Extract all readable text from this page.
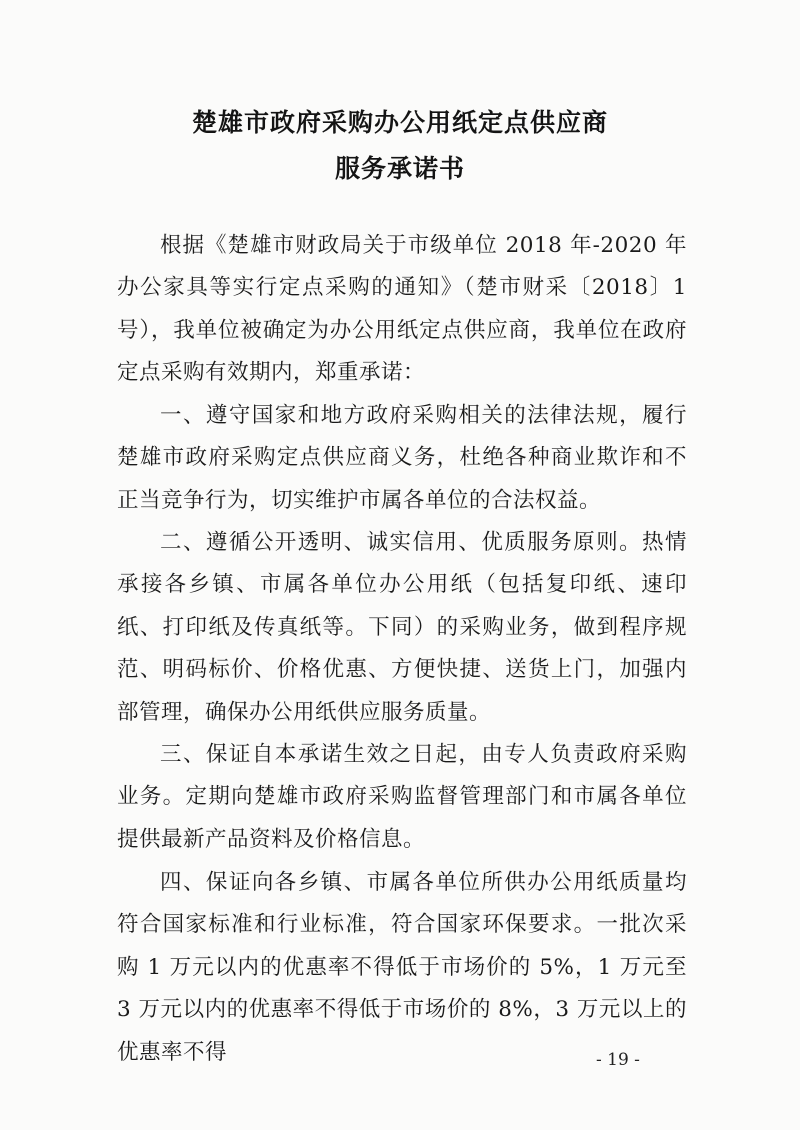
楚雄市政府采购办公用纸定点供应商
服务承诺书

根据《楚雄市财政局关于市级单位 2018 年-2020 年办公家具等实行定点采购的通知》（楚市财采〔2018〕1 号），我单位被确定为办公用纸定点供应商，我单位在政府定点采购有效期内，郑重承诺：

一、遵守国家和地方政府采购相关的法律法规，履行楚雄市政府采购定点供应商义务，杜绝各种商业欺诈和不正当竞争行为，切实维护市属各单位的合法权益。

二、遵循公开透明、诚实信用、优质服务原则。热情承接各乡镇、市属各单位办公用纸（包括复印纸、速印纸、打印纸及传真纸等。下同）的采购业务，做到程序规范、明码标价、价格优惠、方便快捷、送货上门，加强内部管理，确保办公用纸供应服务质量。

三、保证自本承诺生效之日起，由专人负责政府采购业务。定期向楚雄市政府采购监督管理部门和市属各单位提供最新产品资料及价格信息。

四、保证向各乡镇、市属各单位所供办公用纸质量均符合国家标准和行业标准，符合国家环保要求。一批次采购 1 万元以内的优惠率不得低于市场价的 5%，1 万元至 3 万元以内的优惠率不得低于市场价的 8%，3 万元以上的优惠率不得	- 19 -
